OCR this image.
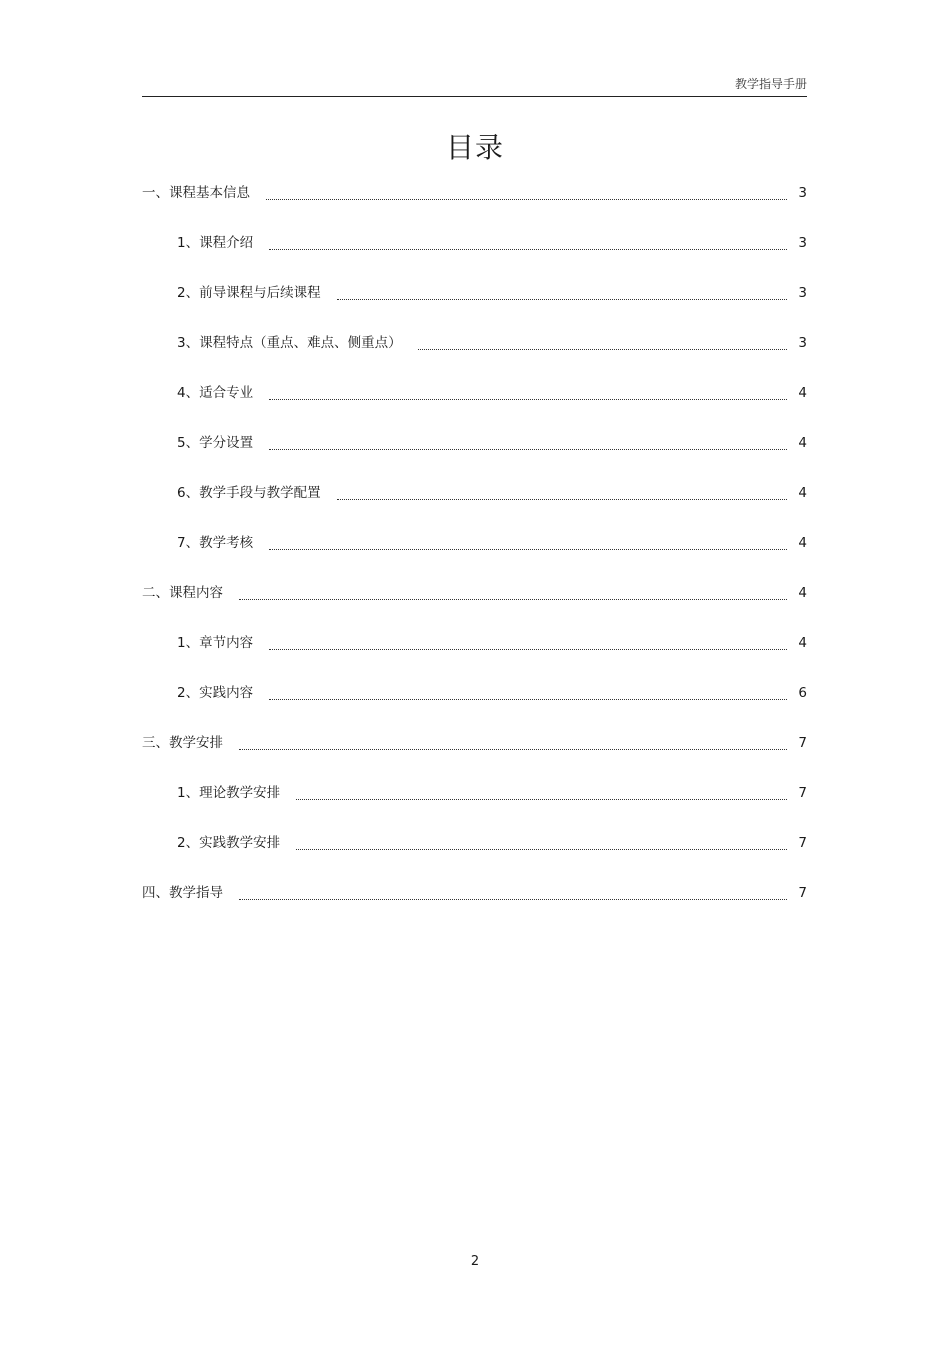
教学指导手册
目录
一、课程基本信息	3
1、课程介绍	3
2、前导课程与后续课程	3
3、课程特点（重点、难点、侧重点）	3
4、适合专业	4
5、学分设置	4
6、教学手段与教学配置	4
7、教学考核	4
二、课程内容	4
1、章节内容	4
2、实践内容	6
三、教学安排	7
1、理论教学安排	7
2、实践教学安排	7
四、教学指导	7
2
